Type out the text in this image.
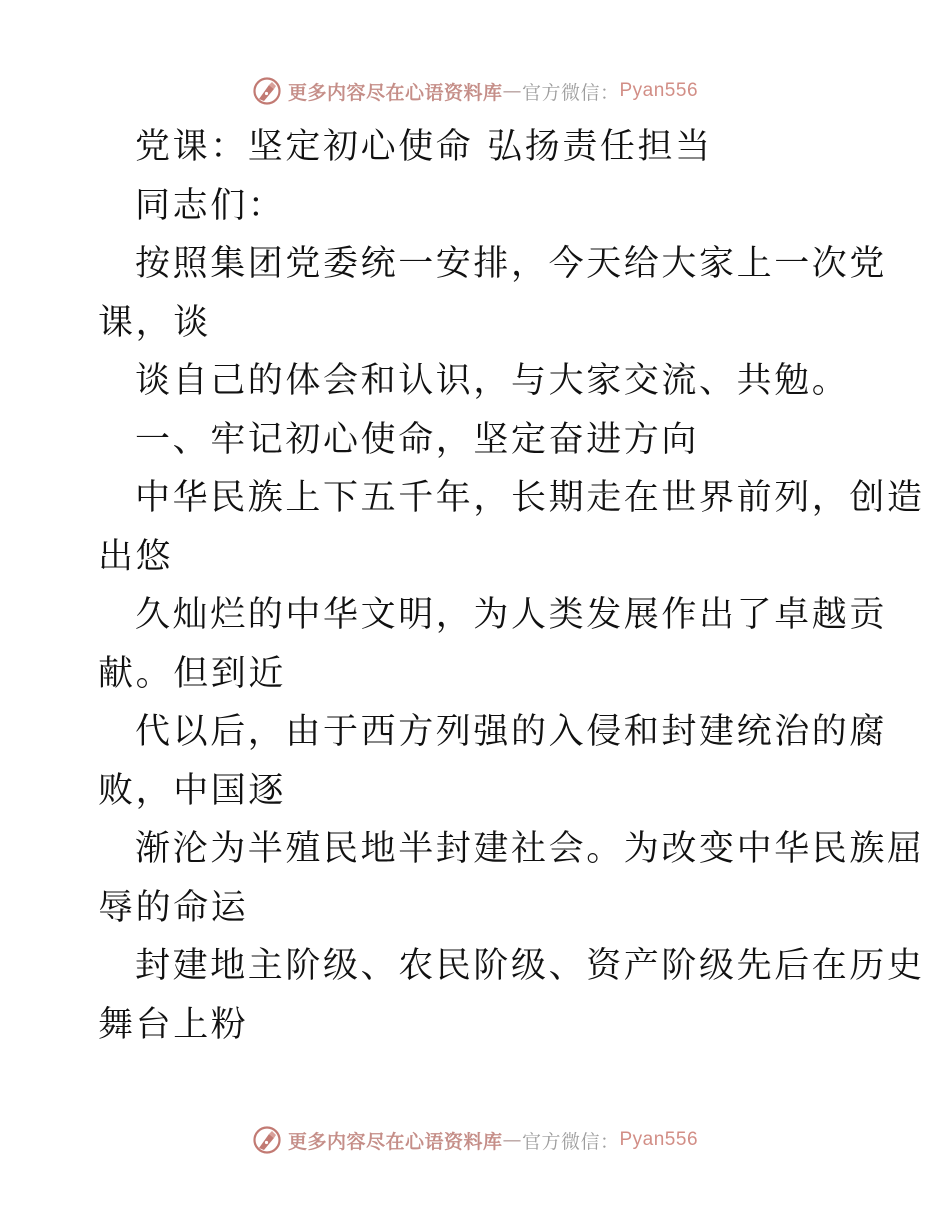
更多内容尽在心语资料库 — 官方微信： Pyan556
党课：坚定初心使命 弘扬责任担当
同志们：
按照集团党委统一安排，今天给大家上一次党
课，谈
谈自己的体会和认识，与大家交流、共勉。
一、牢记初心使命，坚定奋进方向
中华民族上下五千年，长期走在世界前列，创造
出悠
久灿烂的中华文明，为人类发展作出了卓越贡
献。但到近
代以后，由于西方列强的入侵和封建统治的腐
败，中国逐
渐沦为半殖民地半封建社会。为改变中华民族屈
辱的命运
封建地主阶级、农民阶级、资产阶级先后在历史
舞台上粉
更多内容尽在心语资料库 — 官方微信： Pyan556
